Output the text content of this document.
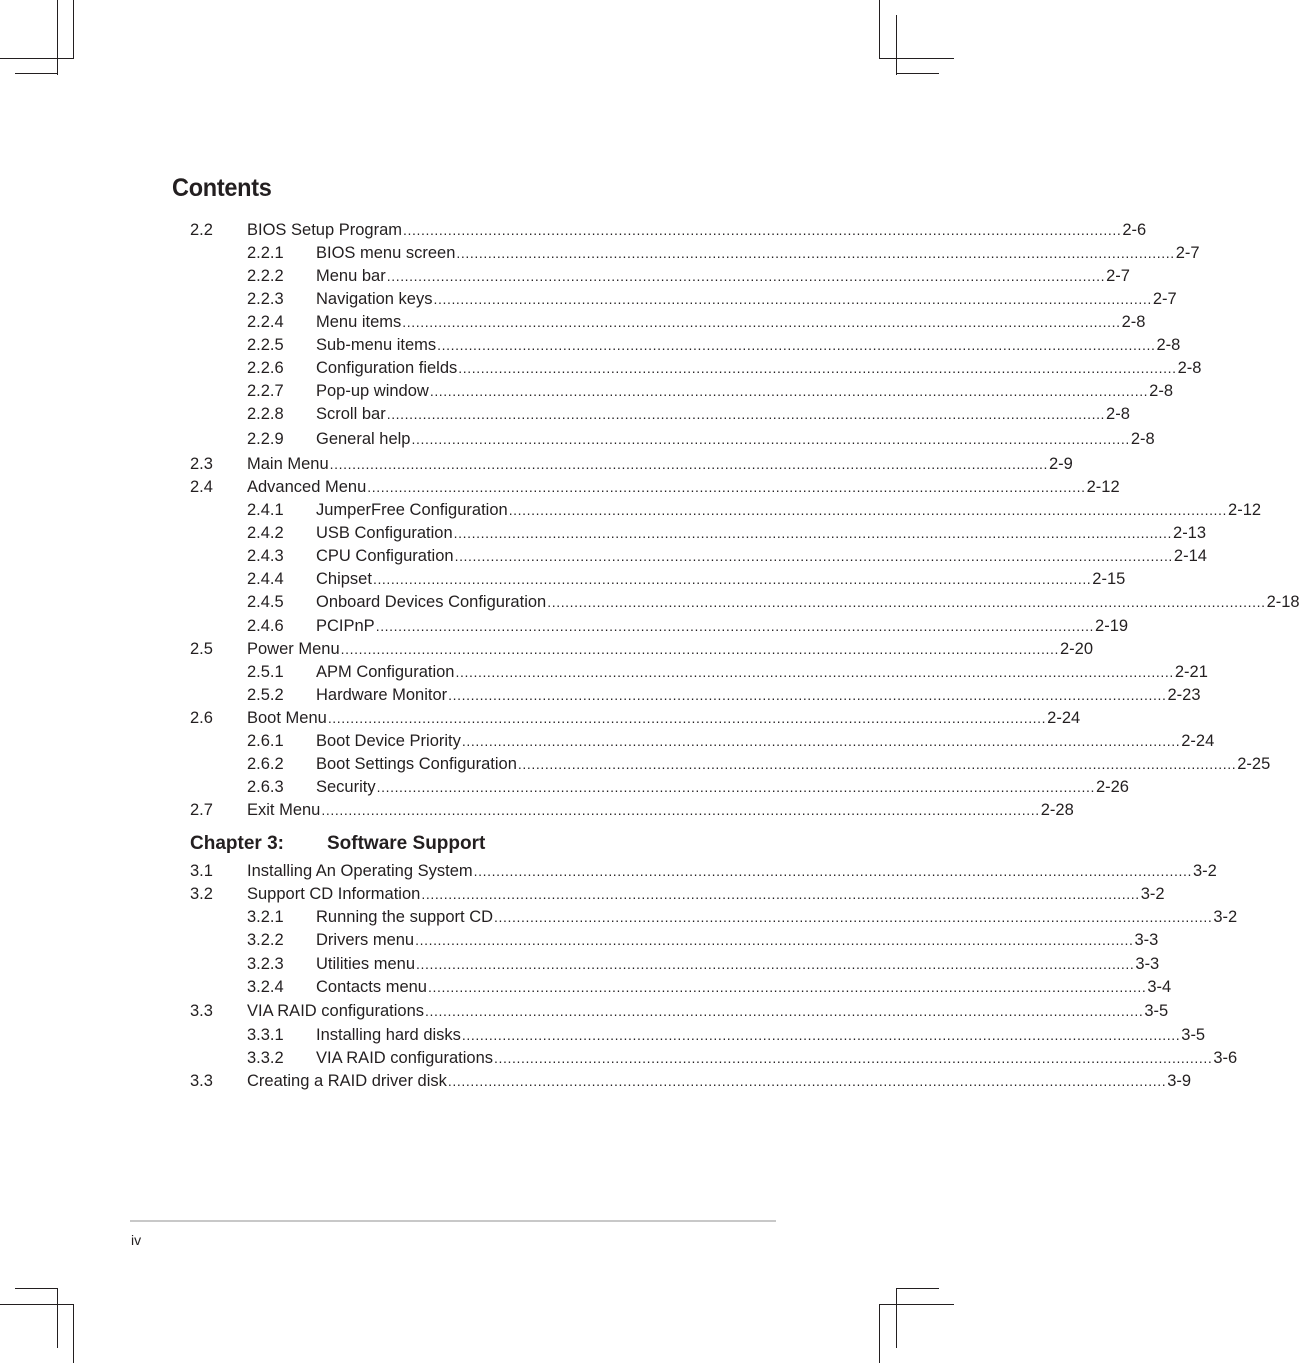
Contents
2.2	BIOS Setup Program ................................................................................................................................................................ 2-6
2.2.1	BIOS menu screen ................................................................................................................................................................ 2-7
2.2.2	Menu bar ................................................................................................................................................................ 2-7
2.2.3	Navigation keys ................................................................................................................................................................ 2-7
2.2.4	Menu items ................................................................................................................................................................ 2-8
2.2.5	Sub-menu items ................................................................................................................................................................ 2-8
2.2.6	Configuration fields ................................................................................................................................................................ 2-8
2.2.7	Pop-up window ................................................................................................................................................................ 2-8
2.2.8	Scroll bar ................................................................................................................................................................ 2-8
2.2.9	General help ................................................................................................................................................................ 2-8
2.3	Main Menu ................................................................................................................................................................ 2-9
2.4	Advanced Menu ................................................................................................................................................................ 2-12
2.4.1	JumperFree Configuration ................................................................................................................................................................ 2-12
2.4.2	USB Configuration ................................................................................................................................................................ 2-13
2.4.3	CPU Configuration ................................................................................................................................................................ 2-14
2.4.4	Chipset ................................................................................................................................................................ 2-15
2.4.5	Onboard Devices Configuration ................................................................................................................................................................ 2-18
2.4.6	PCIPnP ................................................................................................................................................................ 2-19
2.5	Power Menu ................................................................................................................................................................ 2-20
2.5.1	APM Configuration ................................................................................................................................................................ 2-21
2.5.2	Hardware Monitor ................................................................................................................................................................ 2-23
2.6	Boot Menu ................................................................................................................................................................ 2-24
2.6.1	Boot Device Priority ................................................................................................................................................................ 2-24
2.6.2	Boot Settings Configuration ................................................................................................................................................................ 2-25
2.6.3	Security ................................................................................................................................................................ 2-26
2.7	Exit Menu ................................................................................................................................................................ 2-28
Chapter 3: Software Support
3.1	Installing An Operating System ................................................................................................................................................................ 3-2
3.2	Support CD Information ................................................................................................................................................................ 3-2
3.2.1	Running the support CD ................................................................................................................................................................ 3-2
3.2.2	Drivers menu ................................................................................................................................................................ 3-3
3.2.3	Utilities menu ................................................................................................................................................................ 3-3
3.2.4	Contacts menu ................................................................................................................................................................ 3-4
3.3	VIA RAID configurations ................................................................................................................................................................ 3-5
3.3.1	Installing hard disks ................................................................................................................................................................ 3-5
3.3.2	VIA RAID configurations ................................................................................................................................................................ 3-6
3.3	Creating a RAID driver disk ................................................................................................................................................................ 3-9
iv
